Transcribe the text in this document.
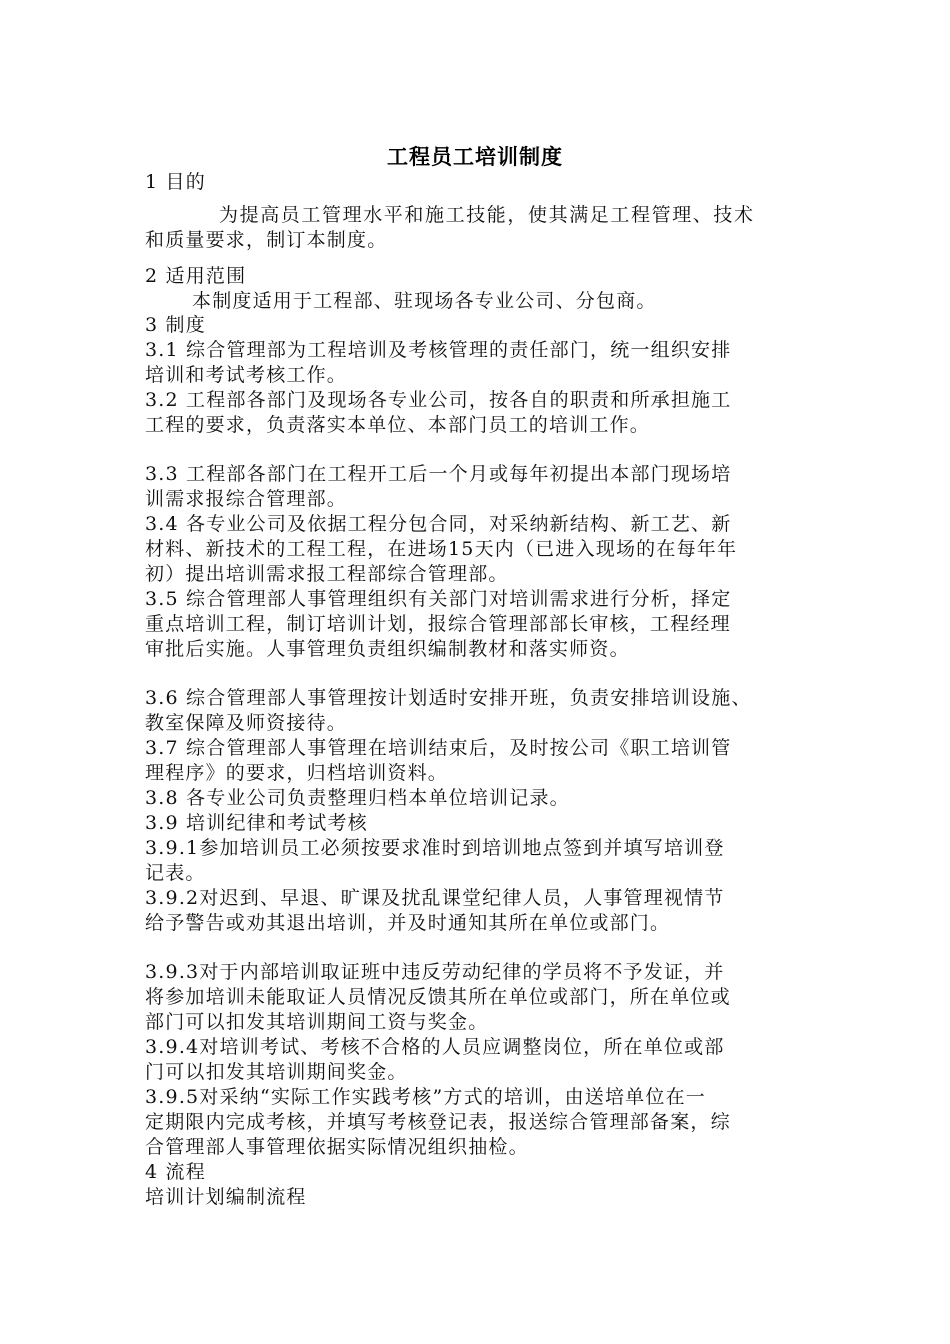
工程员工培训制度
1 目的
为提高员工管理水平和施工技能，使其满足工程管理、技术
和质量要求，制订本制度。
2 适用范围
本制度适用于工程部、驻现场各专业公司、分包商。
3 制度
3.1 综合管理部为工程培训及考核管理的责任部门，统一组织安排
培训和考试考核工作。
3.2 工程部各部门及现场各专业公司，按各自的职责和所承担施工
工程的要求，负责落实本单位、本部门员工的培训工作。
3.3 工程部各部门在工程开工后一个月或每年初提出本部门现场培
训需求报综合管理部。
3.4 各专业公司及依据工程分包合同，对采纳新结构、新工艺、新
材料、新技术的工程工程，在进场15天内（已进入现场的在每年年
初）提出培训需求报工程部综合管理部。
3.5 综合管理部人事管理组织有关部门对培训需求进行分析，择定
重点培训工程，制订培训计划，报综合管理部部长审核，工程经理
审批后实施。人事管理负责组织编制教材和落实师资。
3.6 综合管理部人事管理按计划适时安排开班，负责安排培训设施、
教室保障及师资接待。
3.7 综合管理部人事管理在培训结束后，及时按公司《职工培训管
理程序》的要求，归档培训资料。
3.8 各专业公司负责整理归档本单位培训记录。
3.9 培训纪律和考试考核
3.9.1参加培训员工必须按要求准时到培训地点签到并填写培训登
记表。
3.9.2对迟到、早退、旷课及扰乱课堂纪律人员，人事管理视情节
给予警告或劝其退出培训，并及时通知其所在单位或部门。
3.9.3对于内部培训取证班中违反劳动纪律的学员将不予发证，并
将参加培训未能取证人员情况反馈其所在单位或部门，所在单位或
部门可以扣发其培训期间工资与奖金。
3.9.4对培训考试、考核不合格的人员应调整岗位，所在单位或部
门可以扣发其培训期间奖金。
3.9.5对采纳“实际工作实践考核”方式的培训，由送培单位在一
定期限内完成考核，并填写考核登记表，报送综合管理部备案，综
合管理部人事管理依据实际情况组织抽检。
4 流程
培训计划编制流程
